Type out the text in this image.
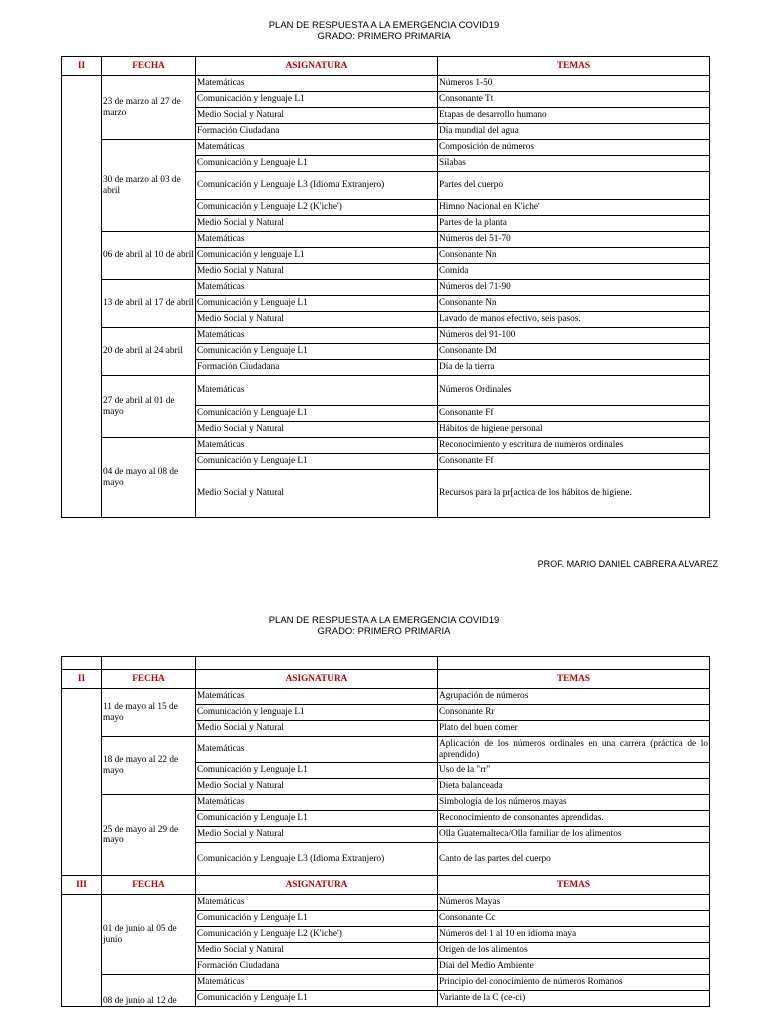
PLAN DE RESPUESTA A LA EMERGENCIA COVID19
GRADO: PRIMERO PRIMARIA
II	FECHA	ASIGNATURA	TEMAS
	23 de marzo al 27 de marzo	Matemáticas	Números 1-50
		Comunicación y lenguaje L1	Consonante Tt
		Medio Social y Natural	Etapas de desarrollo humano
		Formación Ciudadana	Día mundial del agua
	30 de marzo al 03 de abril	Matemáticas	Composición de números
		Comunicación y Lenguaje L1	Sílabas
		Comunicación y Lenguaje L3 (Idioma Extranjero)	Partes del cuerpo
		Comunicación y Lenguaje L2 (K'iche')	Himno Nacional en K'iche'
		Medio Social y Natural	Partes de la planta
	06 de abril al 10 de abril	Matemáticas	Números del 51-70
		Comunicación y lenguaje L1	Consonante Nn
		Medio Social y Natural	Comida
	13 de abril al 17 de abril	Matemáticas	Números del 71-90
		Comunicación y Lenguaje L1	Consonante Nn
		Medio Social y Natural	Lavado de manos efectivo, seis pasos.
	20 de abril al 24 abril	Matemáticas	Números del 91-100
		Comunicación y Lenguaje L1	Consonante Dd
		Formación Ciudadana	Día de la tierra
	27 de abril al 01 de mayo	Matemáticas	Números Ordinales
		Comunicación y Lenguaje L1	Consonante Ff
		Medio Social y Natural	Hábitos de higiene personal
	04 de mayo al 08 de mayo	Matemáticas	Reconocimiento y escritura de numeros ordinales
		Comunicación y Lenguaje L1	Consonante Ff
		Medio Social y Natural	Recursos para la pr[actica de los hábitos de higiene.
PROF. MARIO DANIEL CABRERA ALVAREZ
PLAN DE RESPUESTA A LA EMERGENCIA COVID19
GRADO: PRIMERO PRIMARIA

II	FECHA	ASIGNATURA	TEMAS
	11 de mayo al 15 de mayo	Matemáticas	Agrupación de números
		Comunicación y lenguaje L1	Consonante Rr
		Medio Social y Natural	Plato del buen comer
	18 de mayo al 22 de mayo	Matemáticas	Aplicación de los números ordinales en una carrera (práctica de lo aprendido)
		Comunicación y Lenguaje L1	Uso de la "rr"
		Medio Social y Natural	Dieta balanceada
	25 de mayo al 29 de mayo	Matemáticas	Simbología de los números mayas
		Comunicación y Lenguaje L1	Reconocimiento de consonantes aprendidas.
		Medio Social y Natural	Olla Guatemalteca/Olla familiar de los alimentos
		Comunicación y Lenguaje L3 (Idioma Extranjero)	Canto de las partes del cuerpo
III	FECHA	ASIGNATURA	TEMAS
	01 de junio al 05 de junio	Matemáticas	Números Mayas
		Comunicación y Lenguaje L1	Consonante Cc
		Comunicación y Lenguaje L2 (K'iche')	Números del 1 al 10 en idioma maya
		Medio Social y Natural	Origen de los alimentos
		Formación Ciudadana	Díai del Medio Ambiente
	08 de junio al 12 de	Matemáticas	Principio del conocimiento de números Romanos
		Comunicación y Lenguaje L1	Variante de la C (ce-ci)
